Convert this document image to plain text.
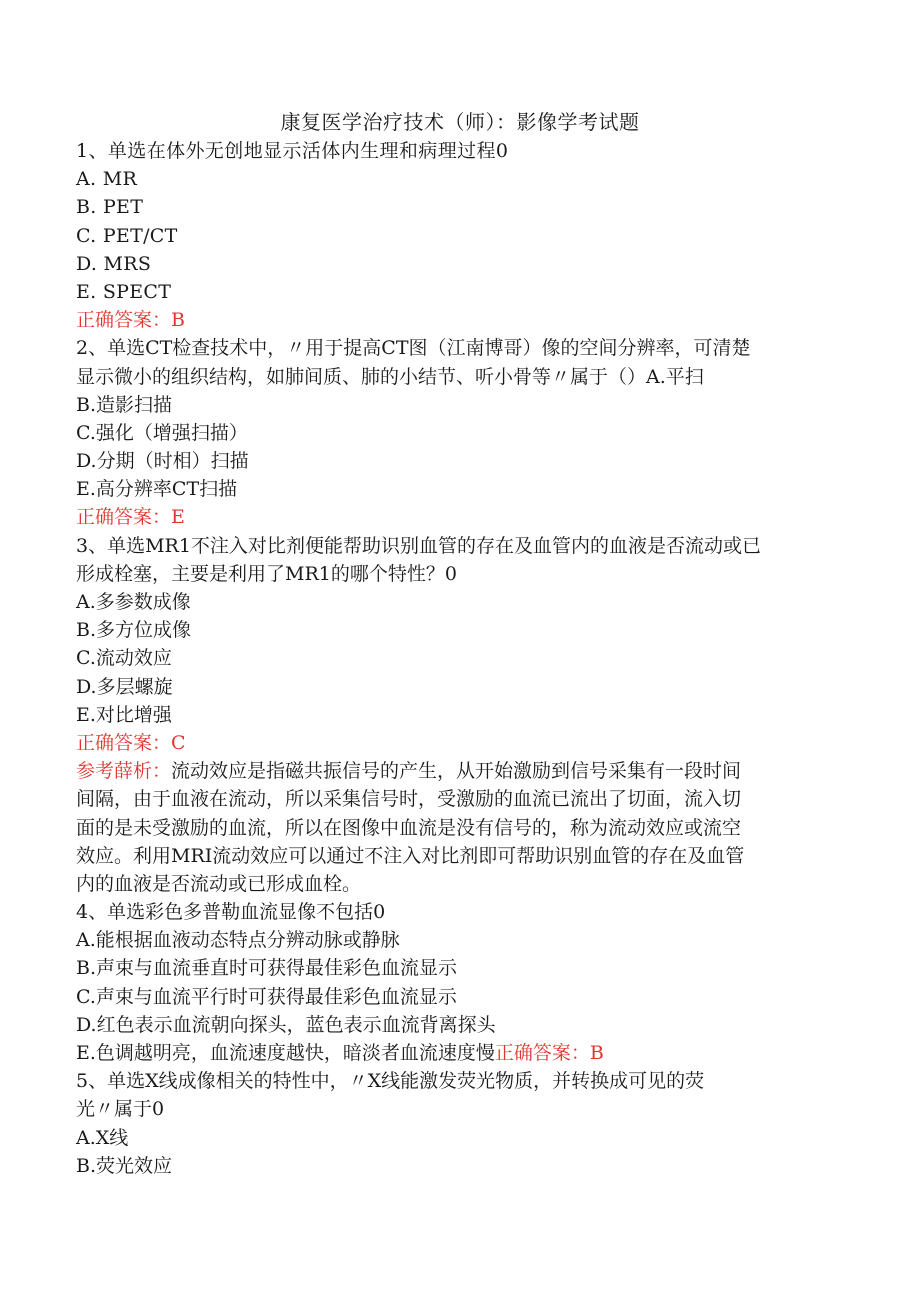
康复医学治疗技术（师）：影像学考试题
1、单选在体外无创地显示活体内生理和病理过程0
A. MR
B. PET
C. PET/CT
D. MRS
E. SPECT
正确答案：B
2、单选CT检查技术中，〃用于提高CT图（江南博哥）像的空间分辨率，可清楚
显示微小的组织结构，如肺间质、肺的小结节、听小骨等〃属于（）A.平扫
B.造影扫描
C.强化（增强扫描）
D.分期（时相）扫描
E.高分辨率CT扫描
正确答案：E
3、单选MR1不注入对比剂便能帮助识别血管的存在及血管内的血液是否流动或已
形成栓塞，主要是利用了MR1的哪个特性？0
A.多参数成像
B.多方位成像
C.流动效应
D.多层螺旋
E.对比增强
正确答案：C
参考薛析：流动效应是指磁共振信号的产生，从开始激励到信号采集有一段时间
间隔，由于血液在流动，所以采集信号时，受激励的血流已流出了切面，流入切
面的是未受激励的血流，所以在图像中血流是没有信号的，称为流动效应或流空
效应。利用MRI流动效应可以通过不注入对比剂即可帮助识别血管的存在及血管
内的血液是否流动或已形成血栓。
4、单选彩色多普勒血流显像不包括0
A.能根据血液动态特点分辨动脉或静脉
B.声束与血流垂直时可获得最佳彩色血流显示
C.声束与血流平行时可获得最佳彩色血流显示
D.红色表示血流朝向探头，蓝色表示血流背离探头
E.色调越明亮，血流速度越快，暗淡者血流速度慢正确答案：B
5、单选X线成像相关的特性中，〃X线能激发荧光物质，并转换成可见的荧
光〃属于0
A.X线
B.荧光效应
